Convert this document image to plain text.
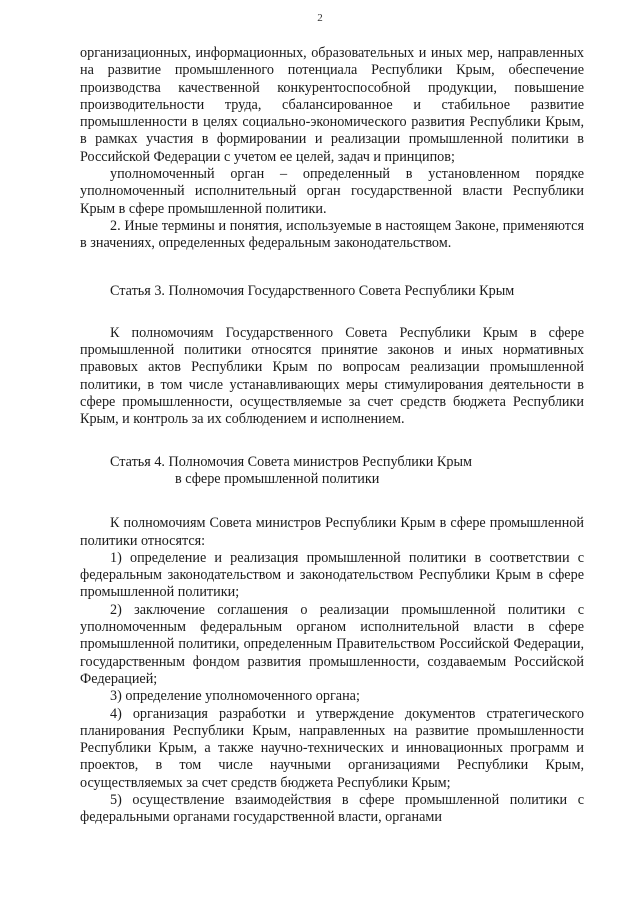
2

организационных, информационных, образовательных и иных мер, направленных на развитие промышленного потенциала Республики Крым, обеспечение производства качественной конкурентоспособной продукции, повышение производительности труда, сбалансированное и стабильное развитие промышленности в целях социально-экономического развития Республики Крым, в рамках участия в формировании и реализации промышленной политики в Российской Федерации с учетом ее целей, задач и принципов;

уполномоченный орган – определенный в установленном порядке уполномоченный исполнительный орган государственной власти Республики Крым в сфере промышленной политики.

2. Иные термины и понятия, используемые в настоящем Законе, применяются в значениях, определенных федеральным законодательством.

Статья 3. Полномочия Государственного Совета Республики Крым

К полномочиям Государственного Совета Республики Крым в сфере промышленной политики относятся принятие законов и иных нормативных правовых актов Республики Крым по вопросам реализации промышленной политики, в том числе устанавливающих меры стимулирования деятельности в сфере промышленности, осуществляемые за счет средств бюджета Республики Крым, и контроль за их соблюдением и исполнением.

Статья 4. Полномочия Совета министров Республики Крым
в сфере промышленной политики

К полномочиям Совета министров Республики Крым в сфере промышленной политики относятся:

1) определение и реализация промышленной политики в соответствии с федеральным законодательством и законодательством Республики Крым в сфере промышленной политики;

2) заключение соглашения о реализации промышленной политики с уполномоченным федеральным органом исполнительной власти в сфере промышленной политики, определенным Правительством Российской Федерации, государственным фондом развития промышленности, создаваемым Российской Федерацией;

3) определение уполномоченного органа;

4) организация разработки и утверждение документов стратегического планирования Республики Крым, направленных на развитие промышленности Республики Крым, а также научно-технических и инновационных программ и проектов, в том числе научными организациями Республики Крым, осуществляемых за счет средств бюджета Республики Крым;

5) осуществление взаимодействия в сфере промышленной политики с федеральными органами государственной власти, органами
